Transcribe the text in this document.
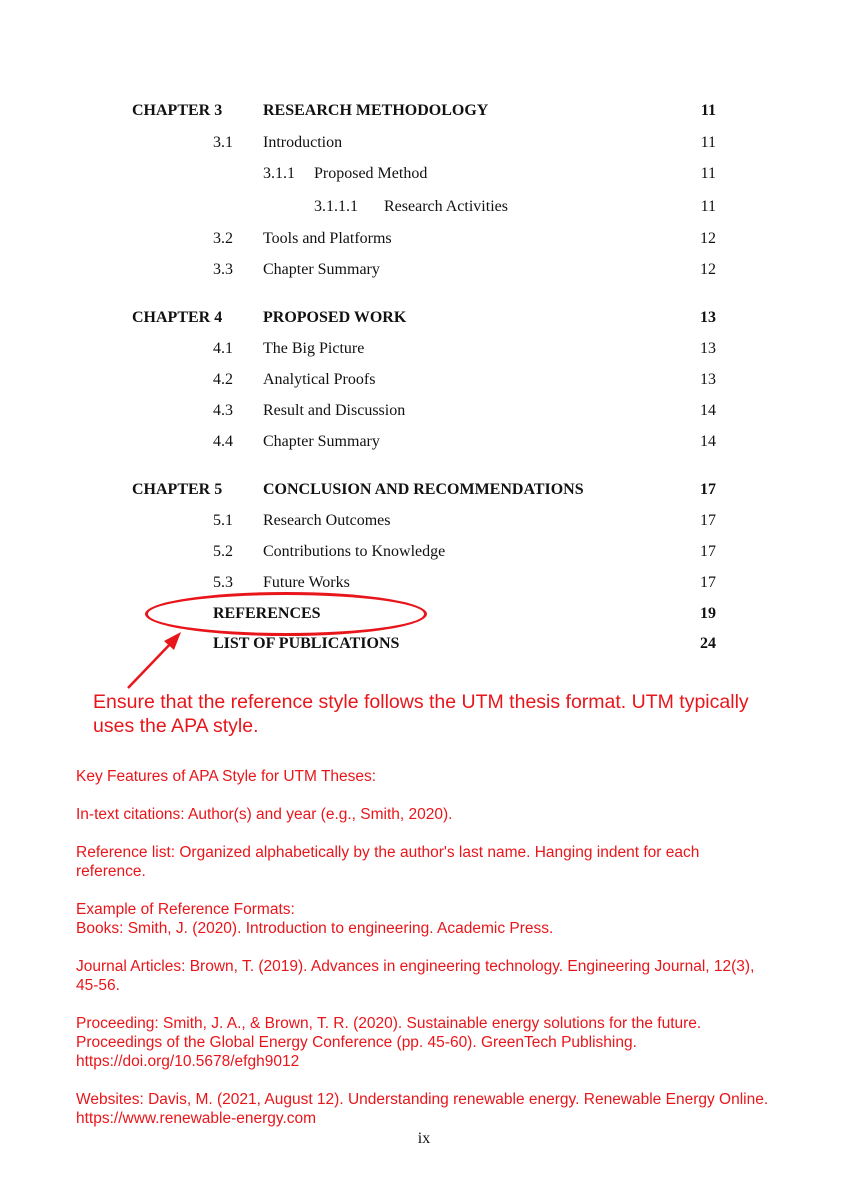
CHAPTER 3	RESEARCH METHODOLOGY	11
3.1 Introduction	11
3.1.1 Proposed Method	11
3.1.1.1 Research Activities	11
3.2 Tools and Platforms	12
3.3 Chapter Summary	12
CHAPTER 4	PROPOSED WORK	13
4.1 The Big Picture	13
4.2 Analytical Proofs	13
4.3 Result and Discussion	14
4.4 Chapter Summary	14
CHAPTER 5	CONCLUSION AND RECOMMENDATIONS	17
5.1 Research Outcomes	17
5.2 Contributions to Knowledge	17
5.3 Future Works	17
REFERENCES	19
LIST OF PUBLICATIONS	24
Ensure that the reference style follows the UTM thesis format. UTM typically uses the APA style.
Key Features of APA Style for UTM Theses:
In-text citations: Author(s) and year (e.g., Smith, 2020).
Reference list: Organized alphabetically by the author's last name. Hanging indent for each reference.
Example of Reference Formats:
Books: Smith, J. (2020). Introduction to engineering. Academic Press.
Journal Articles: Brown, T. (2019). Advances in engineering technology. Engineering Journal, 12(3), 45-56.
Proceeding: Smith, J. A., & Brown, T. R. (2020). Sustainable energy solutions for the future. Proceedings of the Global Energy Conference (pp. 45-60). GreenTech Publishing. https://doi.org/10.5678/efgh9012
Websites: Davis, M. (2021, August 12). Understanding renewable energy. Renewable Energy Online. https://www.renewable-energy.com
ix
